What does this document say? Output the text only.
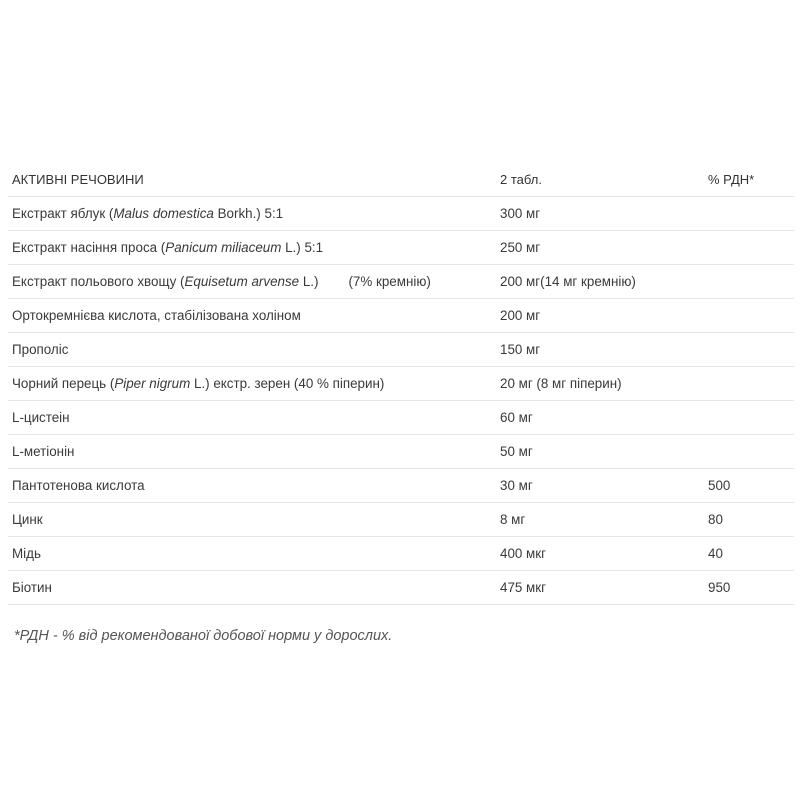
АКТИВНІ РЕЧОВИНИ	2 табл.	% РДН*
Екстракт яблук (Malus domestica Borkh.) 5:1	300 мг	
Екстракт насіння проса (Panicum miliaceum L.) 5:1	250 мг	
Екстракт польового хвощу (Equisetum arvense L.) (7% кремнію)	200 мг(14 мг кремнію)	
Ортокремнієва кислота, стабілізована холіном	200 мг	
Прополіс	150 мг	
Чорний перець (Piper nigrum L.) екстр. зерен (40 % піперин)	20 мг (8 мг піперин)	
L-цистеін	60 мг	
L-метіонін	50 мг	
Пантотенова кислота	30 мг	500
Цинк	8 мг	80
Мідь	400 мкг	40
Біотин	475 мкг	950
*РДН - % від рекомендованої добової норми у дорослих.
